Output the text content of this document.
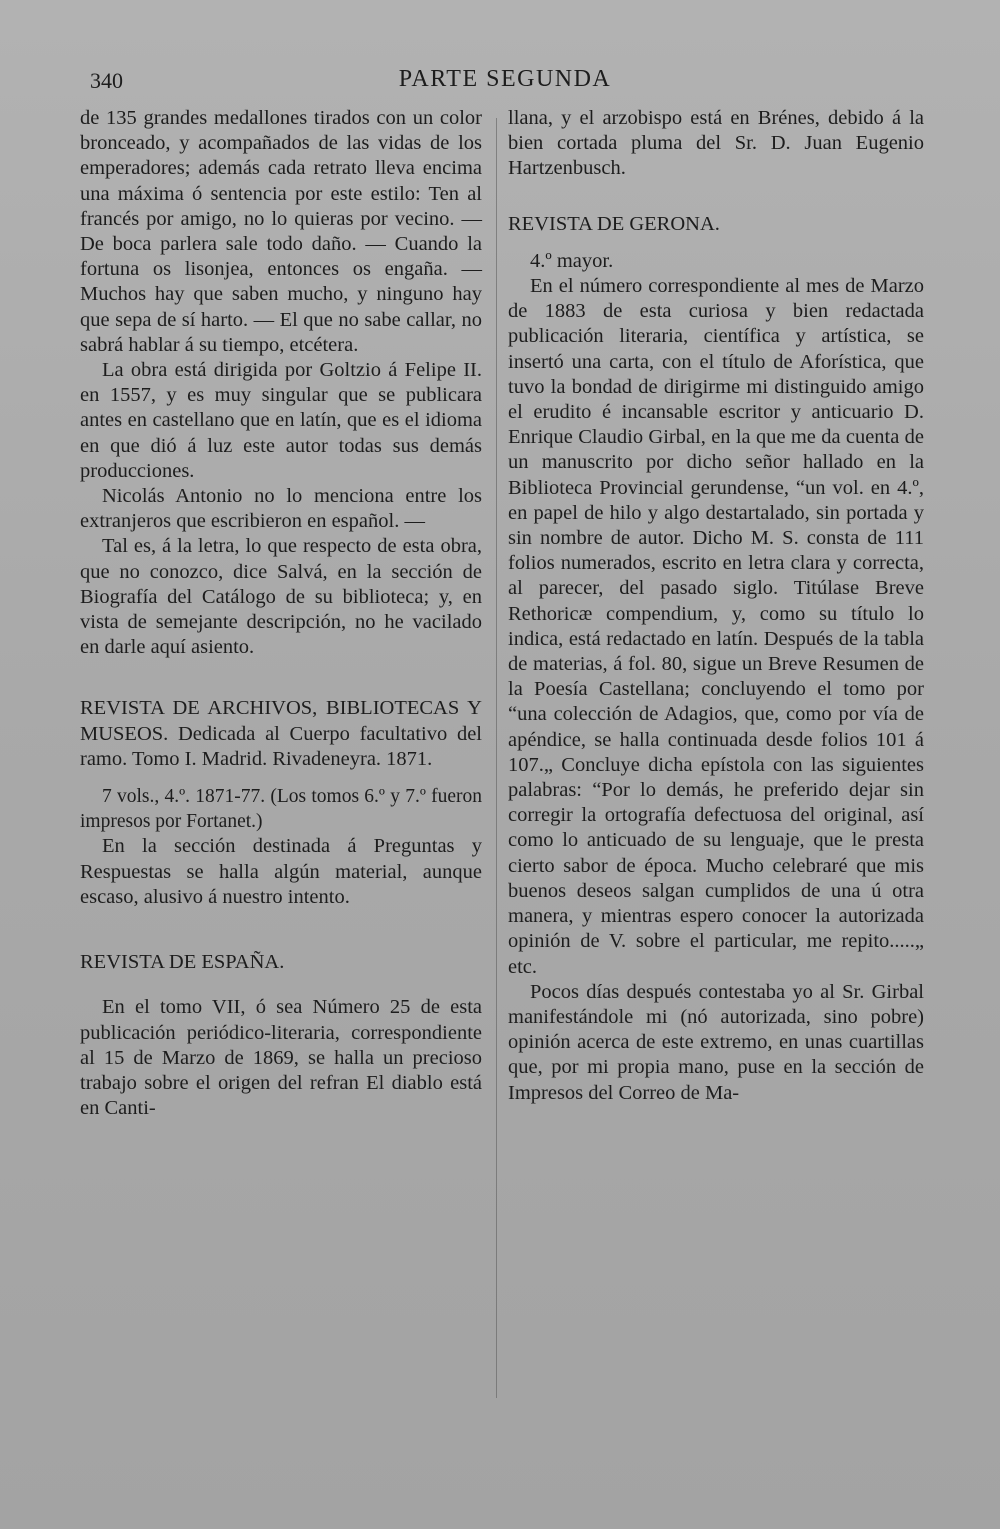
340	PARTE SEGUNDA

de 135 grandes medallones tirados con un color bronceado, y acompañados de las vidas de los emperadores; además cada retrato lleva encima una máxima ó sentencia por este estilo: Ten al francés por amigo, no lo quieras por vecino. — De boca parlera sale todo daño. — Cuando la fortuna os lisonjea, entonces os engaña. — Muchos hay que saben mucho, y ninguno hay que sepa de sí harto. — El que no sabe callar, no sabrá hablar á su tiempo, etcétera.

La obra está dirigida por Goltzio á Felipe II. en 1557, y es muy singular que se publicara antes en castellano que en latín, que es el idioma en que dió á luz este autor todas sus demás producciones.

Nicolás Antonio no lo menciona entre los extranjeros que escribieron en español. —

Tal es, á la letra, lo que respecto de esta obra, que no conozco, dice Salvá, en la sección de Biografía del Catálogo de su biblioteca; y, en vista de semejante descripción, no he vacilado en darle aquí asiento.

REVISTA DE ARCHIVOS, BIBLIOTECAS Y MUSEOS. Dedicada al Cuerpo facultativo del ramo. Tomo I. Madrid. Rivadeneyra. 1871.

7 vols., 4.º. 1871-77. (Los tomos 6.º y 7.º fueron impresos por Fortanet.)

En la sección destinada á Preguntas y Respuestas se halla algún material, aunque escaso, alusivo á nuestro intento.

REVISTA DE ESPAÑA.

En el tomo VII, ó sea Número 25 de esta publicación periódico-literaria, correspondiente al 15 de Marzo de 1869, se halla un precioso trabajo sobre el origen del refran El diablo está en Canti-

llana, y el arzobispo está en Brénes, debido á la bien cortada pluma del Sr. D. Juan Eugenio Hartzenbusch.

REVISTA DE GERONA.

4.º mayor.

En el número correspondiente al mes de Marzo de 1883 de esta curiosa y bien redactada publicación literaria, científica y artística, se insertó una carta, con el título de Aforística, que tuvo la bondad de dirigirme mi distinguido amigo el erudito é incansable escritor y anticuario D. Enrique Claudio Girbal, en la que me da cuenta de un manuscrito por dicho señor hallado en la Biblioteca Provincial gerundense, “un vol. en 4.º, en papel de hilo y algo destartalado, sin portada y sin nombre de autor. Dicho M. S. consta de 111 folios numerados, escrito en letra clara y correcta, al parecer, del pasado siglo. Titúlase Breve Rethoricæ compendium, y, como su título lo indica, está redactado en latín. Después de la tabla de materias, á fol. 80, sigue un Breve Resumen de la Poesía Castellana; concluyendo el tomo por “una colección de Adagios, que, como por vía de apéndice, se halla continuada desde folios 101 á 107.„ Concluye dicha epístola con las siguientes palabras: “Por lo demás, he preferido dejar sin corregir la ortografía defectuosa del original, así como lo anticuado de su lenguaje, que le presta cierto sabor de época. Mucho celebraré que mis buenos deseos salgan cumplidos de una ú otra manera, y mientras espero conocer la autorizada opinión de V. sobre el particular, me repito.....„ etc.

Pocos días después contestaba yo al Sr. Girbal manifestándole mi (nó autorizada, sino pobre) opinión acerca de este extremo, en unas cuartillas que, por mi propia mano, puse en la sección de Impresos del Correo de Ma-
